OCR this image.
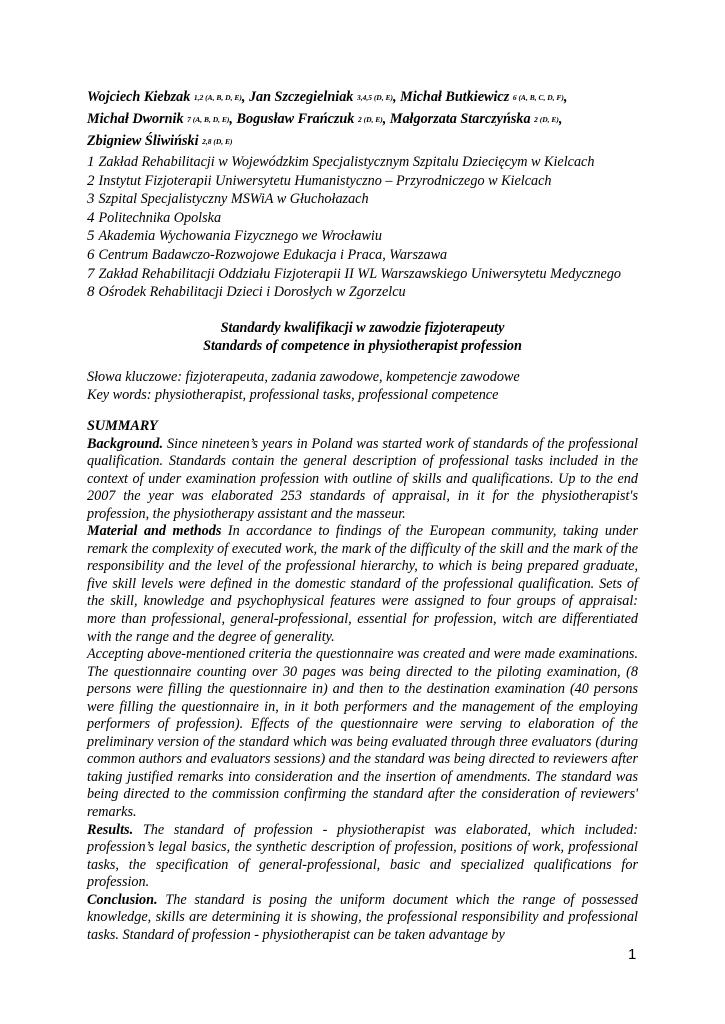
Wojciech Kiebzak 1,2 (A, B, D, E), Jan Szczegielniak 3,4,5 (D, E), Michał Butkiewicz 6 (A, B, C, D, F),
Michał Dwornik 7 (A, B, D, E), Bogusław Frańczuk 2 (D, E), Małgorzata Starczyńska 2 (D, E),
Zbigniew Śliwiński 2,8 (D, E)
1 Zakład Rehabilitacji w Wojewódzkim Specjalistycznym Szpitalu Dziecięcym w Kielcach
2 Instytut Fizjoterapii Uniwersytetu Humanistyczno – Przyrodniczego w Kielcach
3 Szpital Specjalistyczny MSWiA w Głuchołazach
4 Politechnika Opolska
5 Akademia Wychowania Fizycznego we Wrocławiu
6 Centrum Badawczo-Rozwojowe Edukacja i Praca, Warszawa
7 Zakład Rehabilitacji Oddziału Fizjoterapii II WL Warszawskiego Uniwersytetu Medycznego
8 Ośrodek Rehabilitacji Dzieci i Dorosłych w Zgorzelcu
Standardy kwalifikacji w zawodzie fizjoterapeuty
Standards of competence in physiotherapist profession
Słowa kluczowe: fizjoterapeuta, zadania zawodowe, kompetencje zawodowe
Key words: physiotherapist, professional tasks, professional competence

SUMMARY

Background. Since nineteen’s years in Poland was started work of standards of the professional qualification. Standards contain the general description of professional tasks included in the context of under examination profession with outline of skills and qualifications. Up to the end 2007 the year was elaborated 253 standards of appraisal, in it for the physiotherapist's profession, the physiotherapy assistant and the masseur.

Material and methods In accordance to findings of the European community, taking under remark the complexity of executed work, the mark of the difficulty of the skill and the mark of the responsibility and the level of the professional hierarchy, to which is being prepared graduate, five skill levels were defined in the domestic standard of the professional qualification. Sets of the skill, knowledge and psychophysical features were assigned to four groups of appraisal: more than professional, general-professional, essential for profession, witch are differentiated with the range and the degree of generality.

Accepting above-mentioned criteria the questionnaire was created and were made examinations. The questionnaire counting over 30 pages was being directed to the piloting examination, (8 persons were filling the questionnaire in) and then to the destination examination (40 persons were filling the questionnaire in, in it both performers and the management of the employing performers of profession). Effects of the questionnaire were serving to elaboration of the preliminary version of the standard which was being evaluated through three evaluators (during common authors and evaluators sessions) and the standard was being directed to reviewers after taking justified remarks into consideration and the insertion of amendments. The standard was being directed to the commission confirming the standard after the consideration of reviewers' remarks.

Results. The standard of profession - physiotherapist was elaborated, which included: profession’s legal basics, the synthetic description of profession, positions of work, professional tasks, the specification of general-professional, basic and specialized qualifications for profession.

Conclusion. The standard is posing the uniform document which the range of possessed knowledge, skills are determining it is showing, the professional responsibility and professional tasks. Standard of profession - physiotherapist can be taken advantage by

1
